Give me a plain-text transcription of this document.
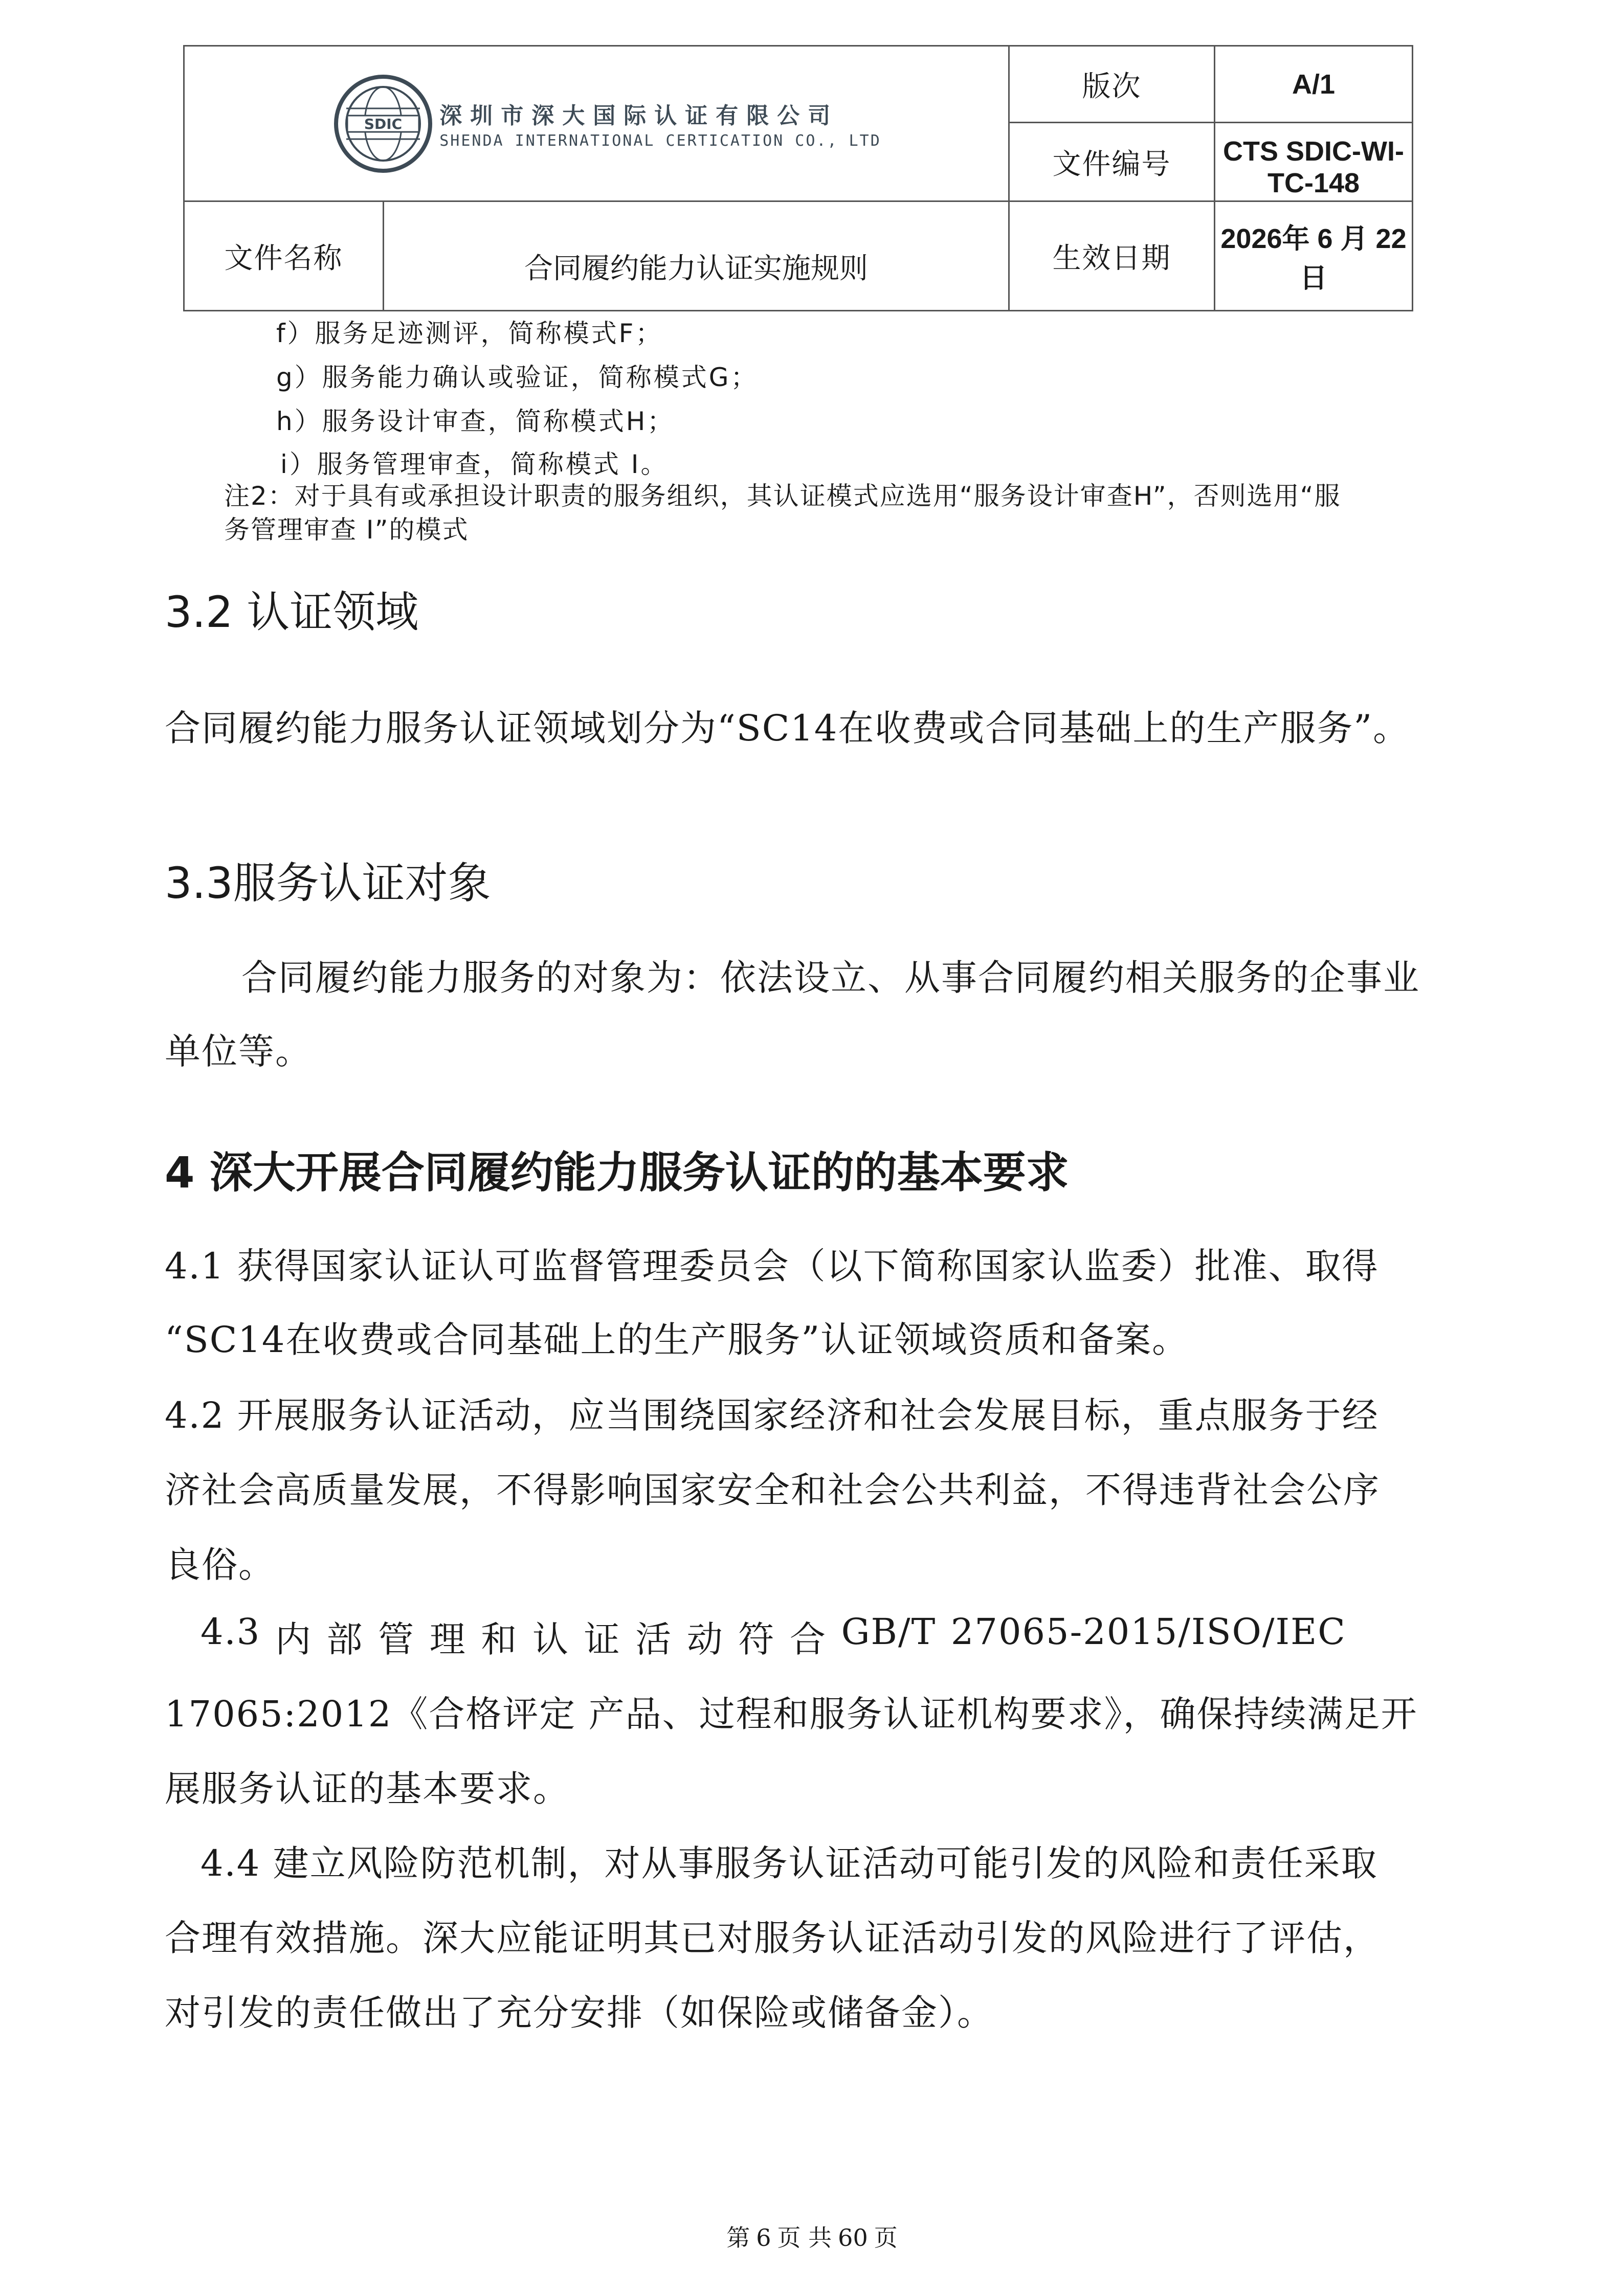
SDIC 深圳市深大国际认证有限公司
SHENDA INTERNATIONAL CERTICATION CO., LTD		版次	A/1
		文件编号	CTS SDIC-WI-TC-148
文件名称	合同履约能力认证实施规则	生效日期	2026年 6 月 22 日
f）服务足迹测评，简称模式F；
g）服务能力确认或验证，简称模式G；
h）服务设计审查，简称模式H；
i）服务管理审查，简称模式 I。
注2：对于具有或承担设计职责的服务组织，其认证模式应选用“服务设计审查H”，否则选用“服
务管理审查 I”的模式
3.2 认证领域
合同履约能力服务认证领域划分为“SC14在收费或合同基础上的生产服务”。
3.3服务认证对象
合同履约能力服务的对象为：依法设立、从事合同履约相关服务的企事业
单位等。
4 深大开展合同履约能力服务认证的的基本要求
4.1 获得国家认证认可监督管理委员会（以下简称国家认监委）批准、取得
“SC14在收费或合同基础上的生产服务”认证领域资质和备案。
4.2 开展服务认证活动，应当围绕国家经济和社会发展目标，重点服务于经
济社会高质量发展，不得影响国家安全和社会公共利益，不得违背社会公序
良俗。
4.3 内 部 管 理 和 认 证 活 动 符 合 GB/T 27065-2015/ISO/IEC
17065:2012《合格评定 产品、过程和服务认证机构要求》，确保持续满足开
展服务认证的基本要求。
4.4 建立风险防范机制，对从事服务认证活动可能引发的风险和责任采取
合理有效措施。深大应能证明其已对服务认证活动引发的风险进行了评估，
对引发的责任做出了充分安排（如保险或储备金）。
第 6 页 共 60 页
